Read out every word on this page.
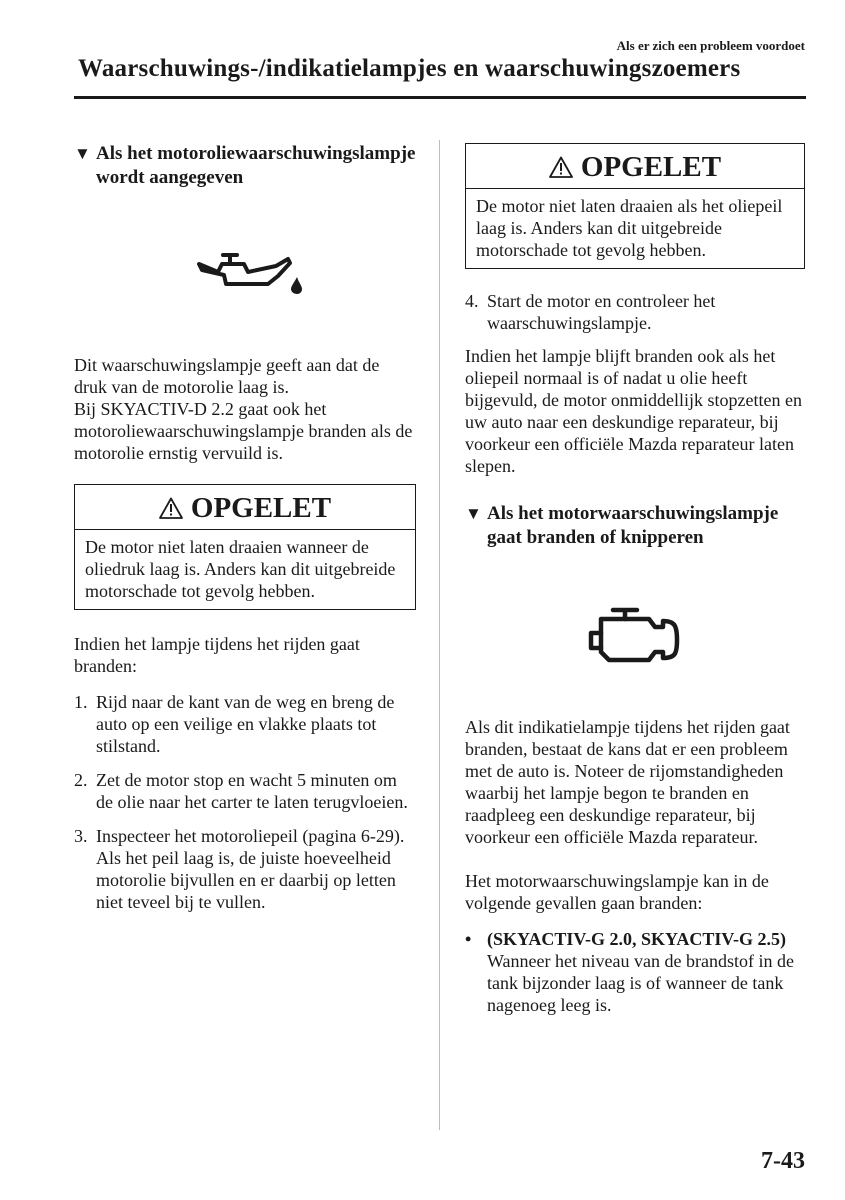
Als er zich een probleem voordoet
Waarschuwings-/indikatielampjes en waarschuwingszoemers
▼ Als het motoroliewaarschuwingslampje wordt aangegeven

Dit waarschuwingslampje geeft aan dat de druk van de motorolie laag is.

Bij SKYACTIV-D 2.2 gaat ook het motoroliewaarschuwingslampje branden als de motorolie ernstig vervuild is.

OPGELET
De motor niet laten draaien wanneer de oliedruk laag is. Anders kan dit uitgebreide motorschade tot gevolg hebben.

Indien het lampje tijdens het rijden gaat branden:

1. Rijd naar de kant van de weg en breng de auto op een veilige en vlakke plaats tot stilstand.
2. Zet de motor stop en wacht 5 minuten om de olie naar het carter te laten terugvloeien.
3. Inspecteer het motoroliepeil (pagina 6-29). Als het peil laag is, de juiste hoeveelheid motorolie bijvullen en er daarbij op letten niet teveel bij te vullen.
OPGELET
De motor niet laten draaien als het oliepeil laag is. Anders kan dit uitgebreide motorschade tot gevolg hebben.
4. Start de motor en controleer het waarschuwingslampje.

Indien het lampje blijft branden ook als het oliepeil normaal is of nadat u olie heeft bijgevuld, de motor onmiddellijk stopzetten en uw auto naar een deskundige reparateur, bij voorkeur een officiële Mazda reparateur laten slepen.

▼ Als het motorwaarschuwingslampje gaat branden of knipperen

Als dit indikatielampje tijdens het rijden gaat branden, bestaat de kans dat er een probleem met de auto is. Noteer de rijomstandigheden waarbij het lampje begon te branden en raadpleeg een deskundige reparateur, bij voorkeur een officiële Mazda reparateur.

Het motorwaarschuwingslampje kan in de volgende gevallen gaan branden:

• (SKYACTIV-G 2.0, SKYACTIV-G 2.5)
Wanneer het niveau van de brandstof in de tank bijzonder laag is of wanneer de tank nagenoeg leeg is.
7-43
